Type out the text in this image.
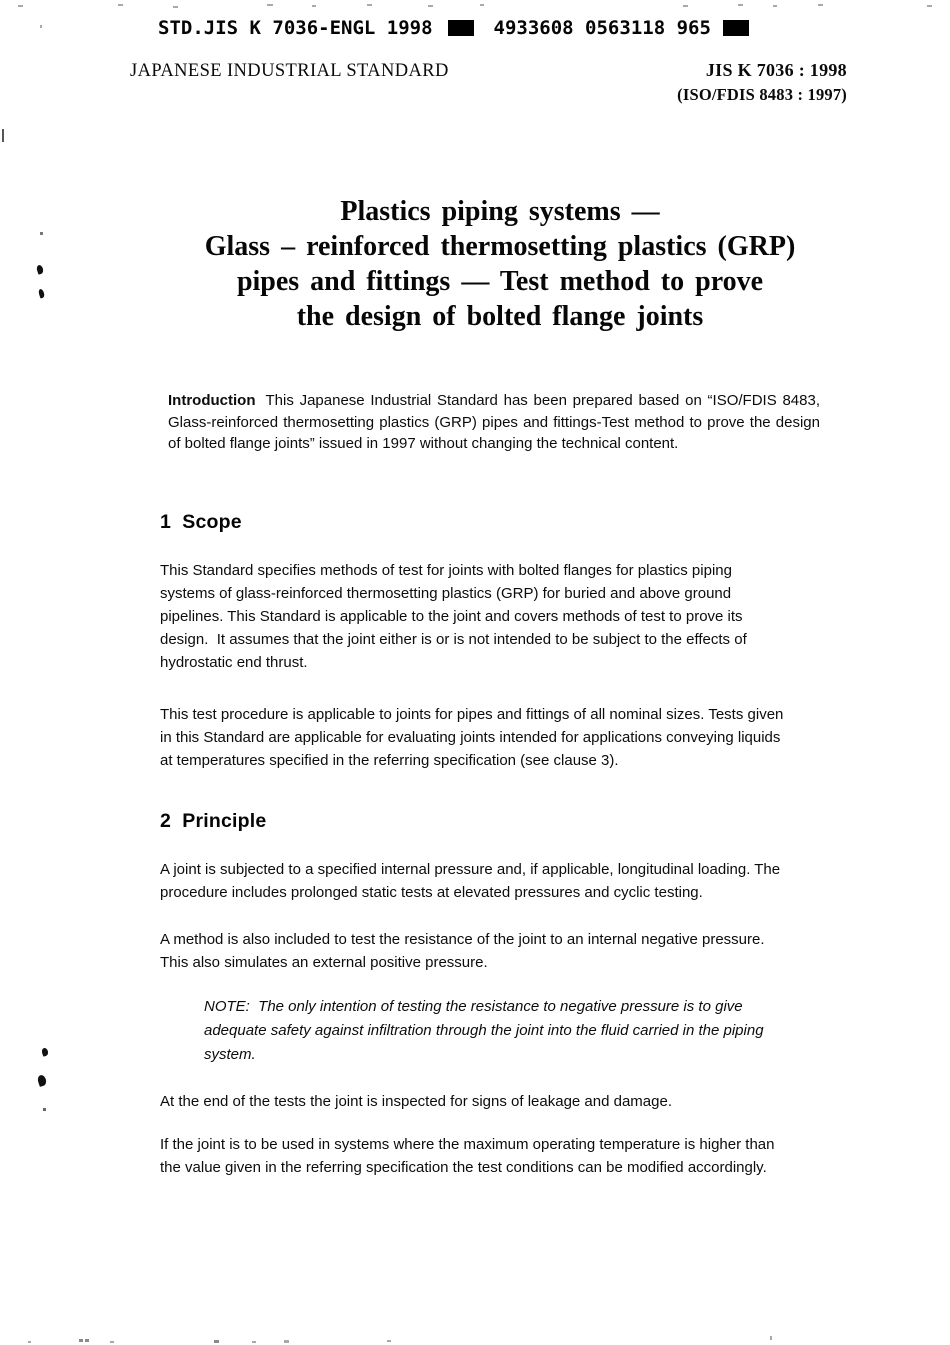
STD.JIS K 7036-ENGL 1998	4933608 0563118 965
JAPANESE INDUSTRIAL STANDARD	JIS K 7036 : 1998
(ISO/FDIS 8483 : 1997)
Plastics piping systems —
Glass – reinforced thermosetting plastics (GRP)
pipes and fittings — Test method to prove
the design of bolted flange joints

Introduction This Japanese Industrial Standard has been prepared based on “ISO/FDIS 8483, Glass-reinforced thermosetting plastics (GRP) pipes and fittings-Test method to prove the design of bolted flange joints” issued in 1997 without changing the technical content.

1  Scope
This Standard specifies methods of test for joints with bolted flanges for plastics piping
systems of glass-reinforced thermosetting plastics (GRP) for buried and above ground
pipelines. This Standard is applicable to the joint and covers methods of test to prove its
design.  It assumes that the joint either is or is not intended to be subject to the effects of
hydrostatic end thrust.
This test procedure is applicable to joints for pipes and fittings of all nominal sizes. Tests given
in this Standard are applicable for evaluating joints intended for applications conveying liquids
at temperatures specified in the referring specification (see clause 3).
2  Principle
A joint is subjected to a specified internal pressure and, if applicable, longitudinal loading. The
procedure includes prolonged static tests at elevated pressures and cyclic testing.
A method is also included to test the resistance of the joint to an internal negative pressure.
This also simulates an external positive pressure.
NOTE:  The only intention of testing the resistance to negative pressure is to give
adequate safety against infiltration through the joint into the fluid carried in the piping
system.
At the end of the tests the joint is inspected for signs of leakage and damage.
If the joint is to be used in systems where the maximum operating temperature is higher than
the value given in the referring specification the test conditions can be modified accordingly.
